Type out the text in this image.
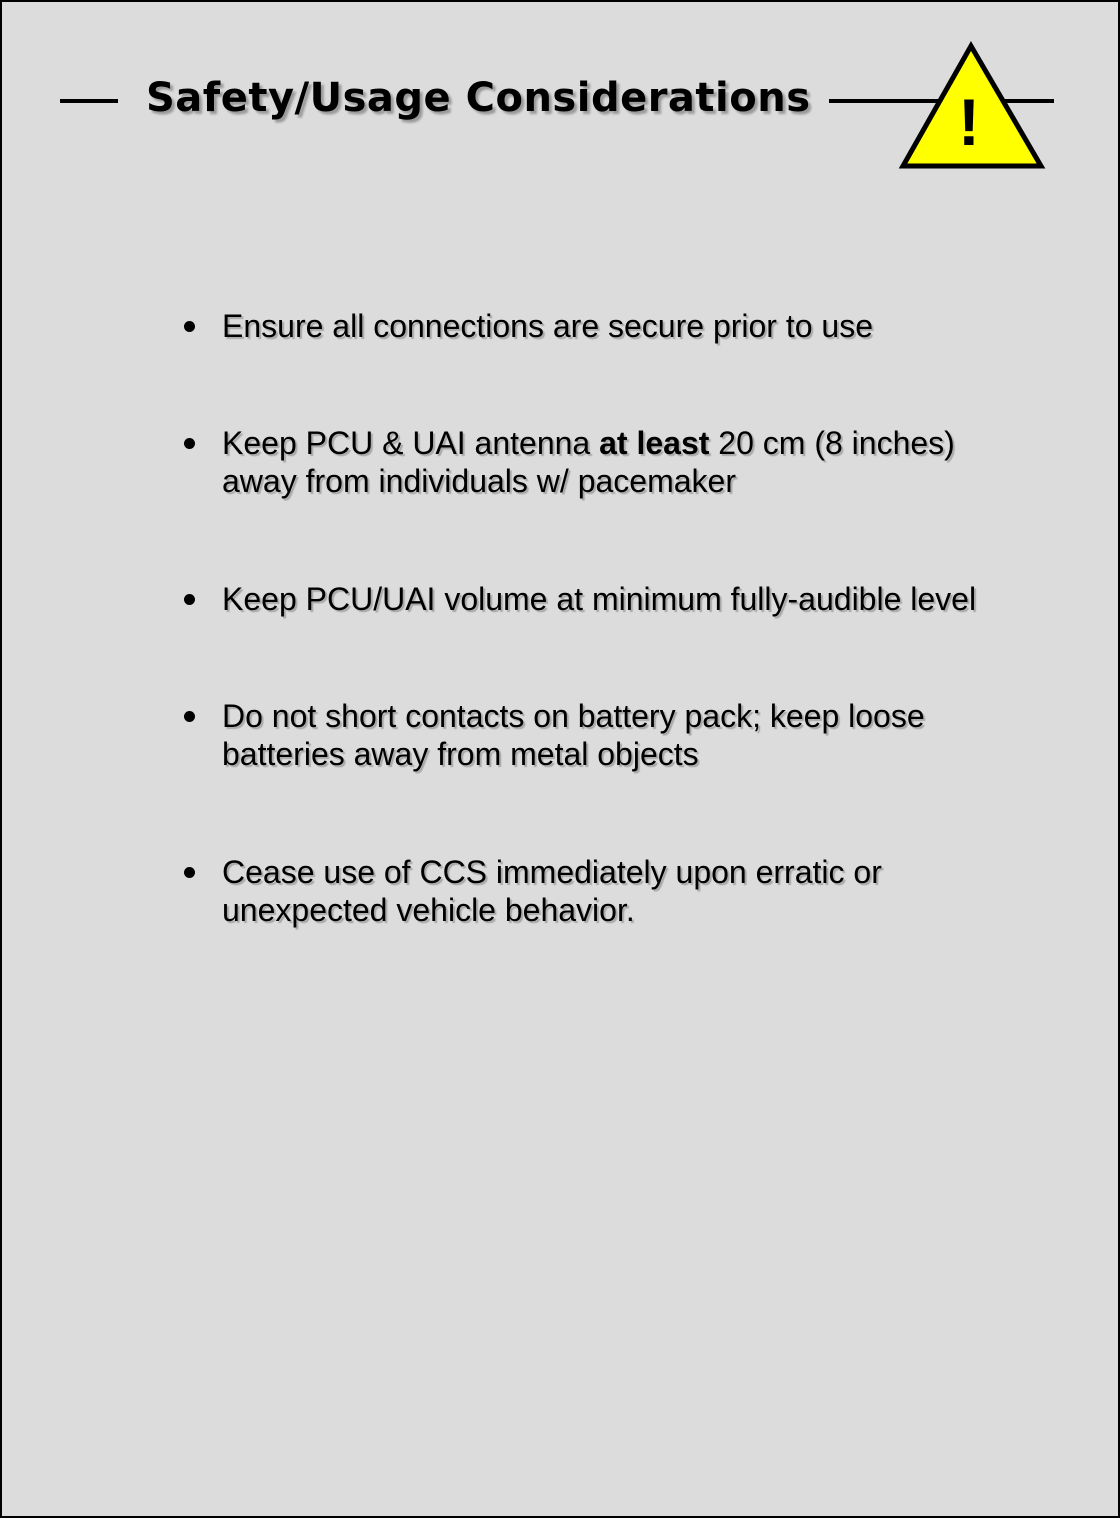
Safety/Usage Considerations !
Ensure all connections are secure prior to use
Keep PCU & UAI antenna at least 20 cm (8 inches)
away from individuals w/ pacemaker
Keep PCU/UAI volume at minimum fully-audible level
Do not short contacts on battery pack; keep loose
batteries away from metal objects
Cease use of CCS immediately upon erratic or
unexpected vehicle behavior.
